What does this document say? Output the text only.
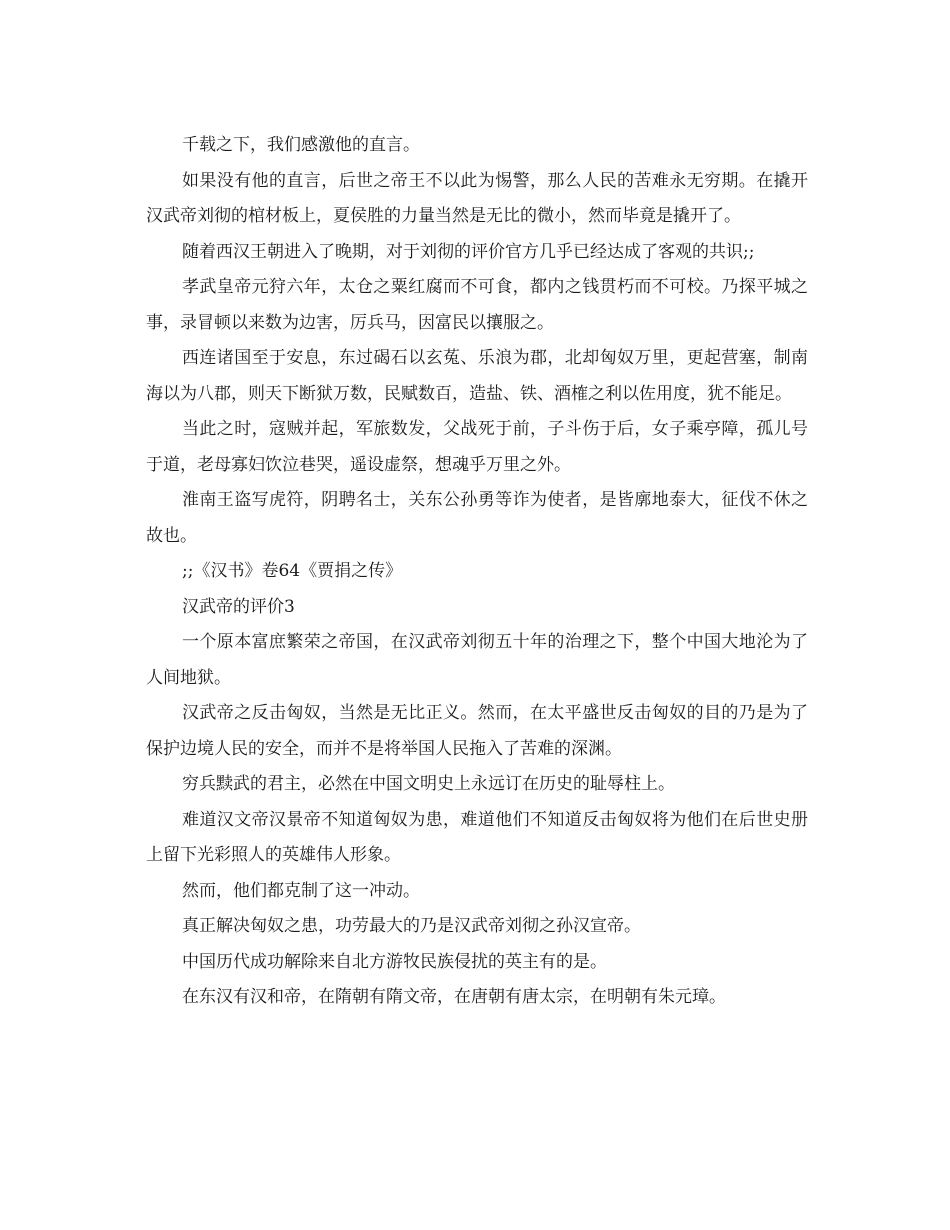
千载之下，我们感激他的直言。

如果没有他的直言，后世之帝王不以此为惕警，那么人民的苦难永无穷期。在撬开汉武帝刘彻的棺材板上，夏侯胜的力量当然是无比的微小，然而毕竟是撬开了。

随着西汉王朝进入了晚期，对于刘彻的评价官方几乎已经达成了客观的共识;;

孝武皇帝元狩六年，太仓之粟红腐而不可食，都内之钱贯朽而不可校。乃探平城之事，录冒顿以来数为边害，厉兵马，因富民以攘服之。

西连诸国至于安息，东过碣石以玄菟、乐浪为郡，北却匈奴万里，更起营塞，制南海以为八郡，则天下断狱万数，民赋数百，造盐、铁、酒榷之利以佐用度，犹不能足。

当此之时，寇贼并起，军旅数发，父战死于前，子斗伤于后，女子乘亭障，孤儿号于道，老母寡妇饮泣巷哭，遥设虚祭，想魂乎万里之外。

淮南王盗写虎符，阴聘名士，关东公孙勇等诈为使者，是皆廓地泰大，征伐不休之故也。

;;《汉书》卷64《贾捐之传》

汉武帝的评价3

一个原本富庶繁荣之帝国，在汉武帝刘彻五十年的治理之下，整个中国大地沦为了人间地狱。

汉武帝之反击匈奴，当然是无比正义。然而，在太平盛世反击匈奴的目的乃是为了保护边境人民的安全，而并不是将举国人民拖入了苦难的深渊。

穷兵黩武的君主，必然在中国文明史上永远订在历史的耻辱柱上。

难道汉文帝汉景帝不知道匈奴为患，难道他们不知道反击匈奴将为他们在后世史册上留下光彩照人的英雄伟人形象。

然而，他们都克制了这一冲动。

真正解决匈奴之患，功劳最大的乃是汉武帝刘彻之孙汉宣帝。

中国历代成功解除来自北方游牧民族侵扰的英主有的是。

在东汉有汉和帝，在隋朝有隋文帝，在唐朝有唐太宗，在明朝有朱元璋。
